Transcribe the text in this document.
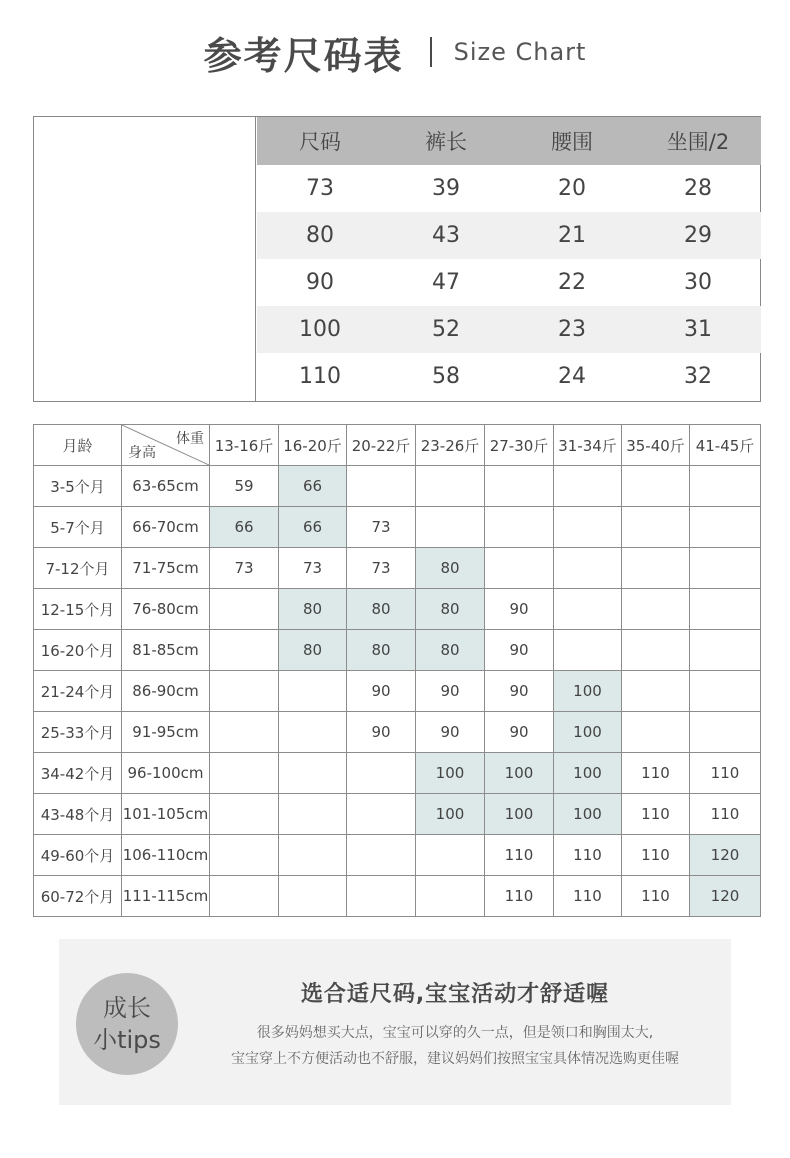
参考尺码表 Size Chart
尺码	裤长	腰围	坐围/2
73	39	20	28
80	43	21	29
90	47	22	30
100	52	23	31
110	58	24	32
月龄	体重
身高	13-16斤	16-20斤	20-22斤	23-26斤	27-30斤	31-34斤	35-40斤	41-45斤
3-5个月	63-65cm	59	66						
5-7个月	66-70cm	66	66	73					
7-12个月	71-75cm	73	73	73	80				
12-15个月	76-80cm		80	80	80	90			
16-20个月	81-85cm		80	80	80	90			
21-24个月	86-90cm			90	90	90	100		
25-33个月	91-95cm			90	90	90	100		
34-42个月	96-100cm				100	100	100	110	110
43-48个月	101-105cm				100	100	100	110	110
49-60个月	106-110cm					110	110	110	120
60-72个月	111-115cm					110	110	110	120
成长
小tips
选合适尺码,宝宝活动才舒适喔
很多妈妈想买大点，宝宝可以穿的久一点，但是领口和胸围太大,
宝宝穿上不方便活动也不舒服，建议妈妈们按照宝宝具体情况选购更佳喔
